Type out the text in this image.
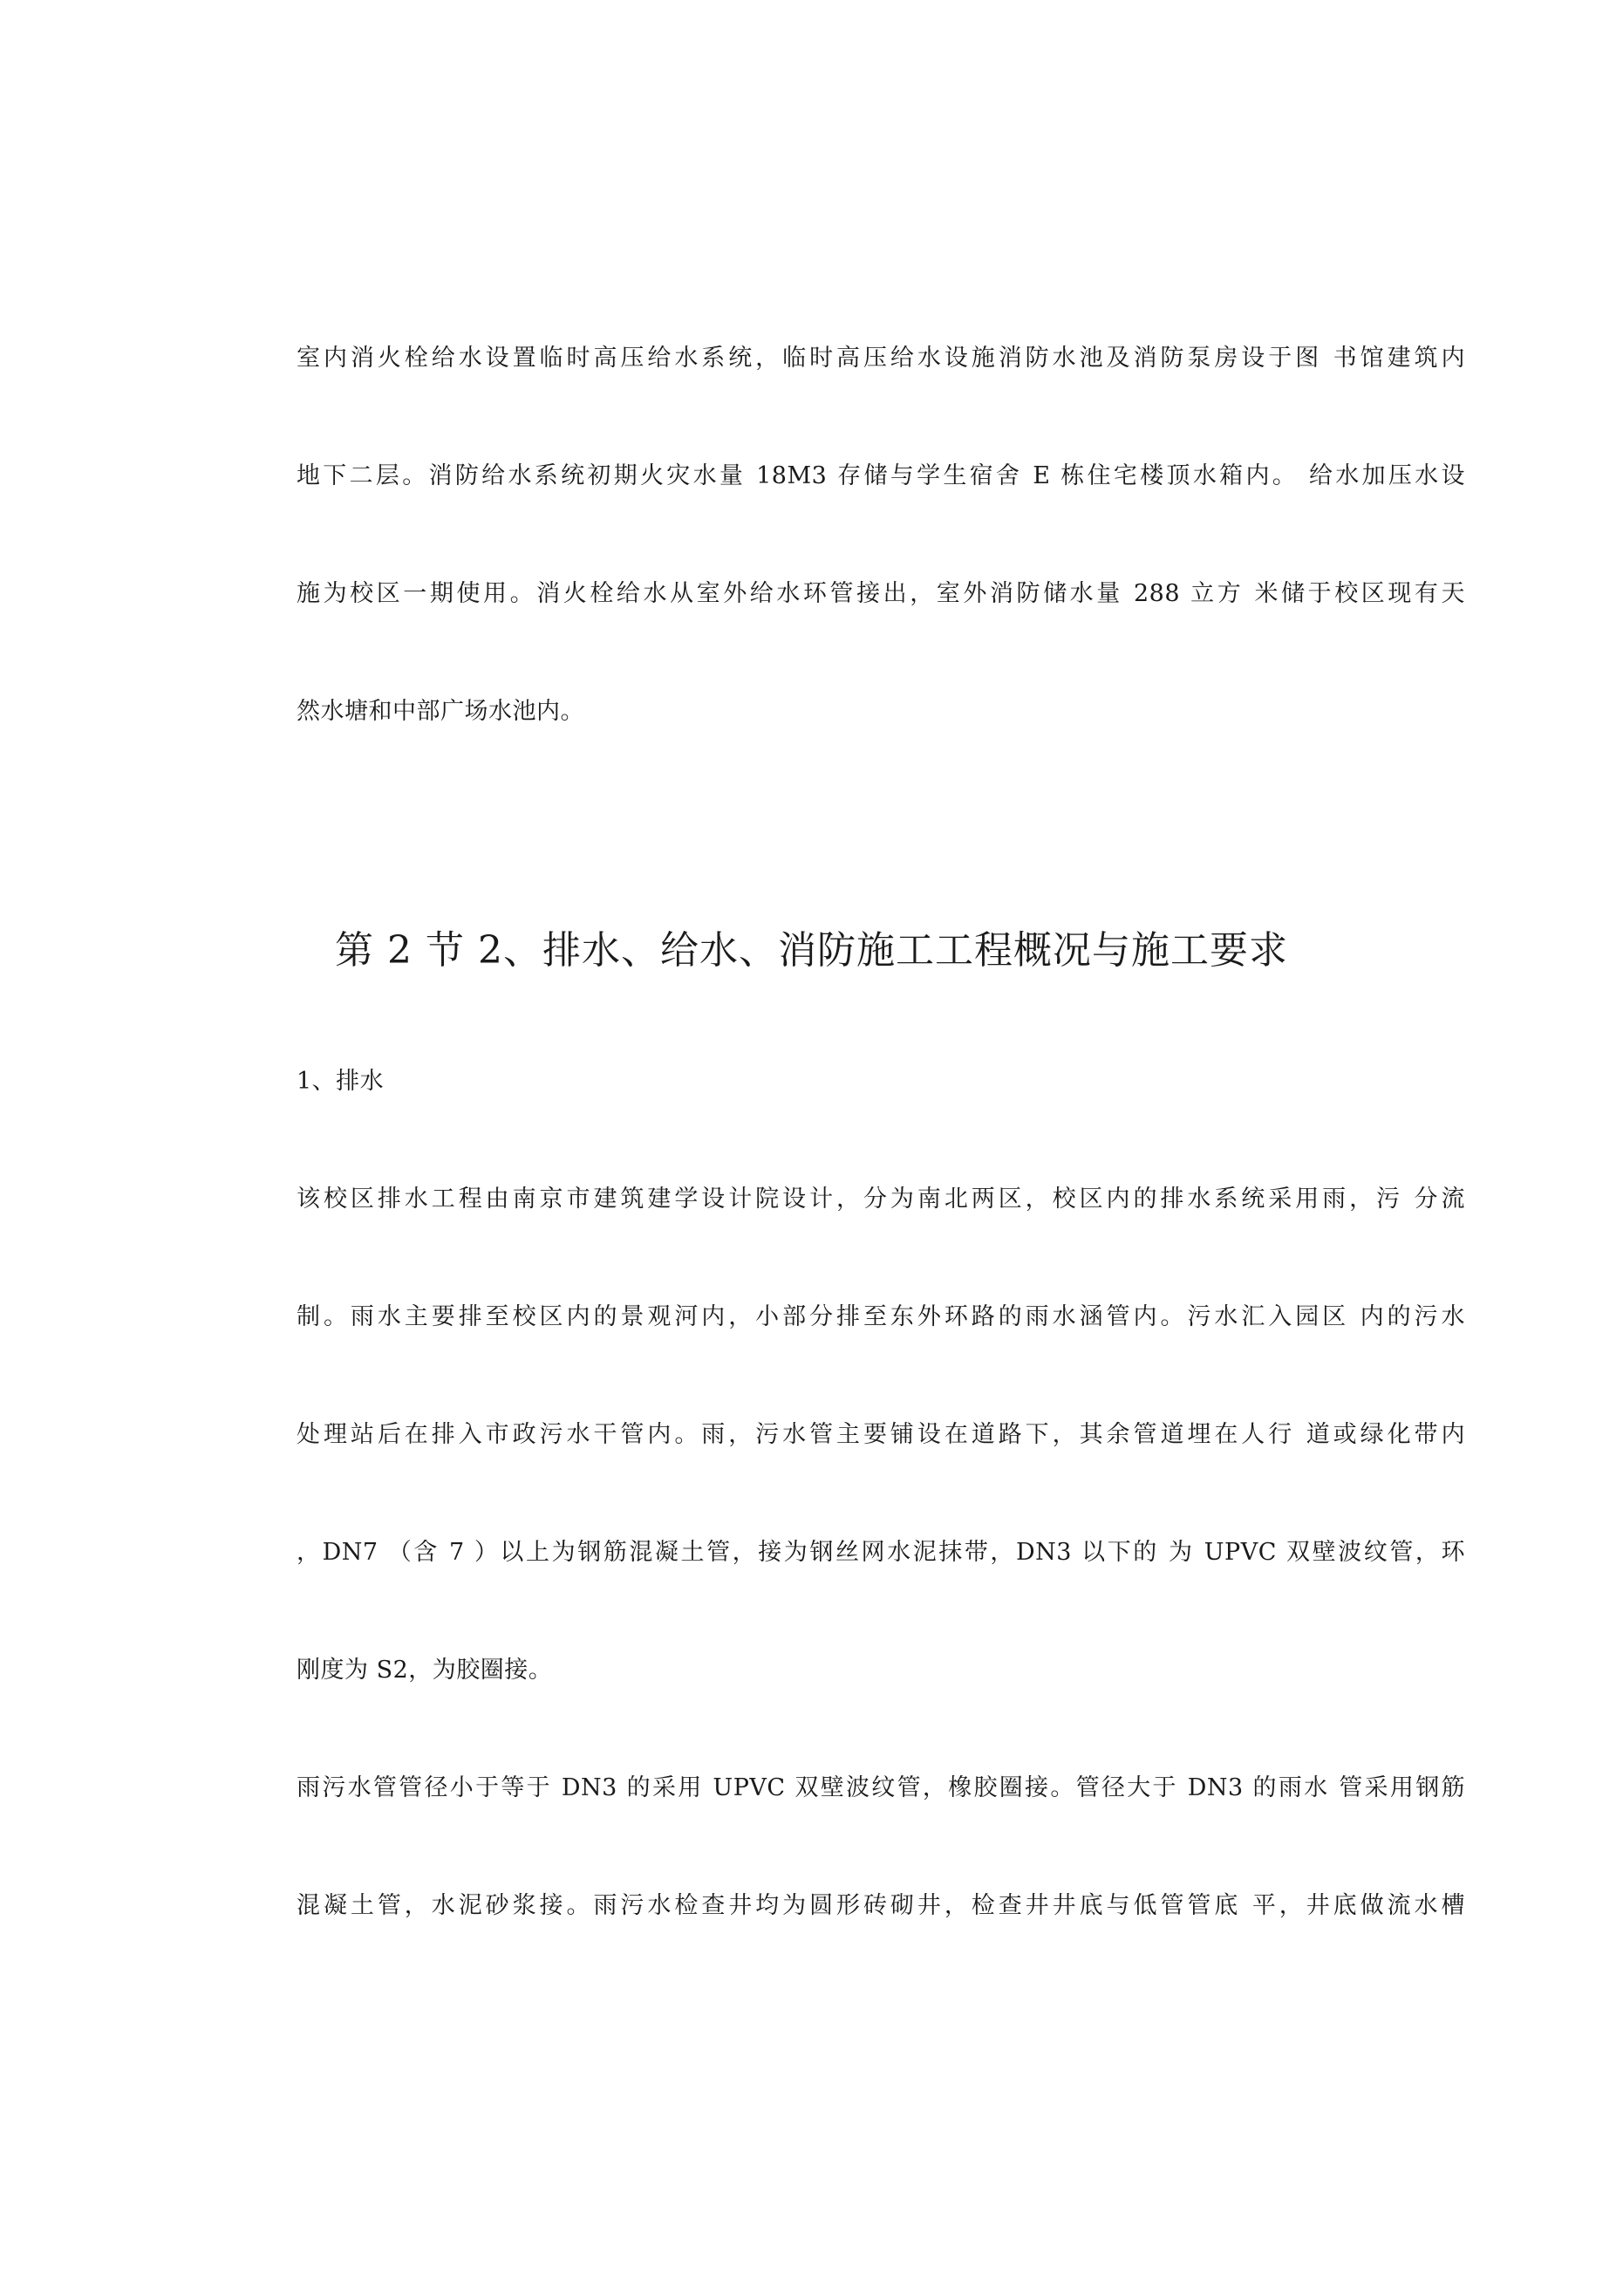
室内消火栓给水设置临时高压给水系统，临时高压给水设施消防水池及消防泵房设于图 书馆建筑内
地下二层。消防给水系统初期火灾水量 18M3 存储与学生宿舍 E 栋住宅楼顶水箱内。 给水加压水设
施为校区一期使用。消火栓给水从室外给水环管接出，室外消防储水量 288 立方 米储于校区现有天
然水塘和中部广场水池内。
第 2 节 2、排水、给水、消防施工工程概况与施工要求
1、排水
该校区排水工程由南京市建筑建学设计院设计，分为南北两区，校区内的排水系统采用雨，污 分流
制。雨水主要排至校区内的景观河内，小部分排至东外环路的雨水涵管内。污水汇入园区 内的污水
处理站后在排入市政污水干管内。雨，污水管主要铺设在道路下，其余管道埋在人行 道或绿化带内
，DN7 （含 7 ）以上为钢筋混凝土管，接为钢丝网水泥抹带，DN3 以下的 为 UPVC 双壁波纹管，环
刚度为 S2，为胶圈接。
雨污水管管径小于等于 DN3 的采用 UPVC 双壁波纹管，橡胶圈接。管径大于 DN3 的雨水 管采用钢筋
混凝土管，水泥砂浆接。雨污水检查井均为圆形砖砌井，检查井井底与低管管底 平，井底做流水槽
